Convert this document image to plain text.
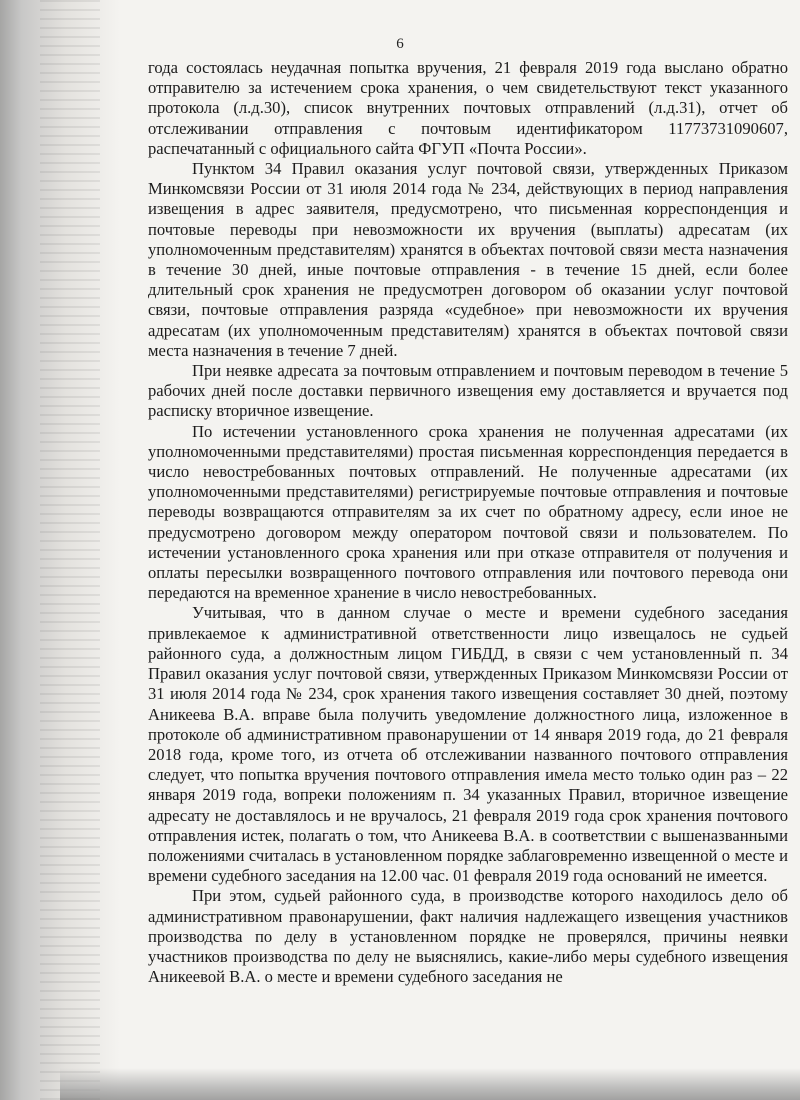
6

года состоялась неудачная попытка вручения, 21 февраля 2019 года выслано обратно отправителю за истечением срока хранения, о чем свидетельствуют текст указанного протокола (л.д.30), список внутренних почтовых отправлений (л.д.31), отчет об отслеживании отправления с почтовым идентификатором 11773731090607, распечатанный с официального сайта ФГУП «Почта России».

Пунктом 34 Правил оказания услуг почтовой связи, утвержденных Приказом Минкомсвязи России от 31 июля 2014 года № 234, действующих в период направления извещения в адрес заявителя, предусмотрено, что письменная корреспонденция и почтовые переводы при невозможности их вручения (выплаты) адресатам (их уполномоченным представителям) хранятся в объектах почтовой связи места назначения в течение 30 дней, иные почтовые отправления - в течение 15 дней, если более длительный срок хранения не предусмотрен договором об оказании услуг почтовой связи, почтовые отправления разряда «судебное» при невозможности их вручения адресатам (их уполномоченным представителям) хранятся в объектах почтовой связи места назначения в течение 7 дней.

При неявке адресата за почтовым отправлением и почтовым переводом в течение 5 рабочих дней после доставки первичного извещения ему доставляется и вручается под расписку вторичное извещение.

По истечении установленного срока хранения не полученная адресатами (их уполномоченными представителями) простая письменная корреспонденция передается в число невостребованных почтовых отправлений. Не полученные адресатами (их уполномоченными представителями) регистрируемые почтовые отправления и почтовые переводы возвращаются отправителям за их счет по обратному адресу, если иное не предусмотрено договором между оператором почтовой связи и пользователем. По истечении установленного срока хранения или при отказе отправителя от получения и оплаты пересылки возвращенного почтового отправления или почтового перевода они передаются на временное хранение в число невостребованных.

Учитывая, что в данном случае о месте и времени судебного заседания привлекаемое к административной ответственности лицо извещалось не судьей районного суда, а должностным лицом ГИБДД, в связи с чем установленный п. 34 Правил оказания услуг почтовой связи, утвержденных Приказом Минкомсвязи России от 31 июля 2014 года № 234, срок хранения такого извещения составляет 30 дней, поэтому Аникеева В.А. вправе была получить уведомление должностного лица, изложенное в протоколе об административном правонарушении от 14 января 2019 года, до 21 февраля 2018 года, кроме того, из отчета об отслеживании названного почтового отправления следует, что попытка вручения почтового отправления имела место только один раз – 22 января 2019 года, вопреки положениям п. 34 указанных Правил, вторичное извещение адресату не доставлялось и не вручалось, 21 февраля 2019 года срок хранения почтового отправления истек, полагать о том, что Аникеева В.А. в соответствии с вышеназванными положениями считалась в установленном порядке заблаговременно извещенной о месте и времени судебного заседания на 12.00 час. 01 февраля 2019 года оснований не имеется.

При этом, судьей районного суда, в производстве которого находилось дело об административном правонарушении, факт наличия надлежащего извещения участников производства по делу в установленном порядке не проверялся, причины неявки участников производства по делу не выяснялись, какие-либо меры судебного извещения Аникеевой В.А. о месте и времени судебного заседания не
